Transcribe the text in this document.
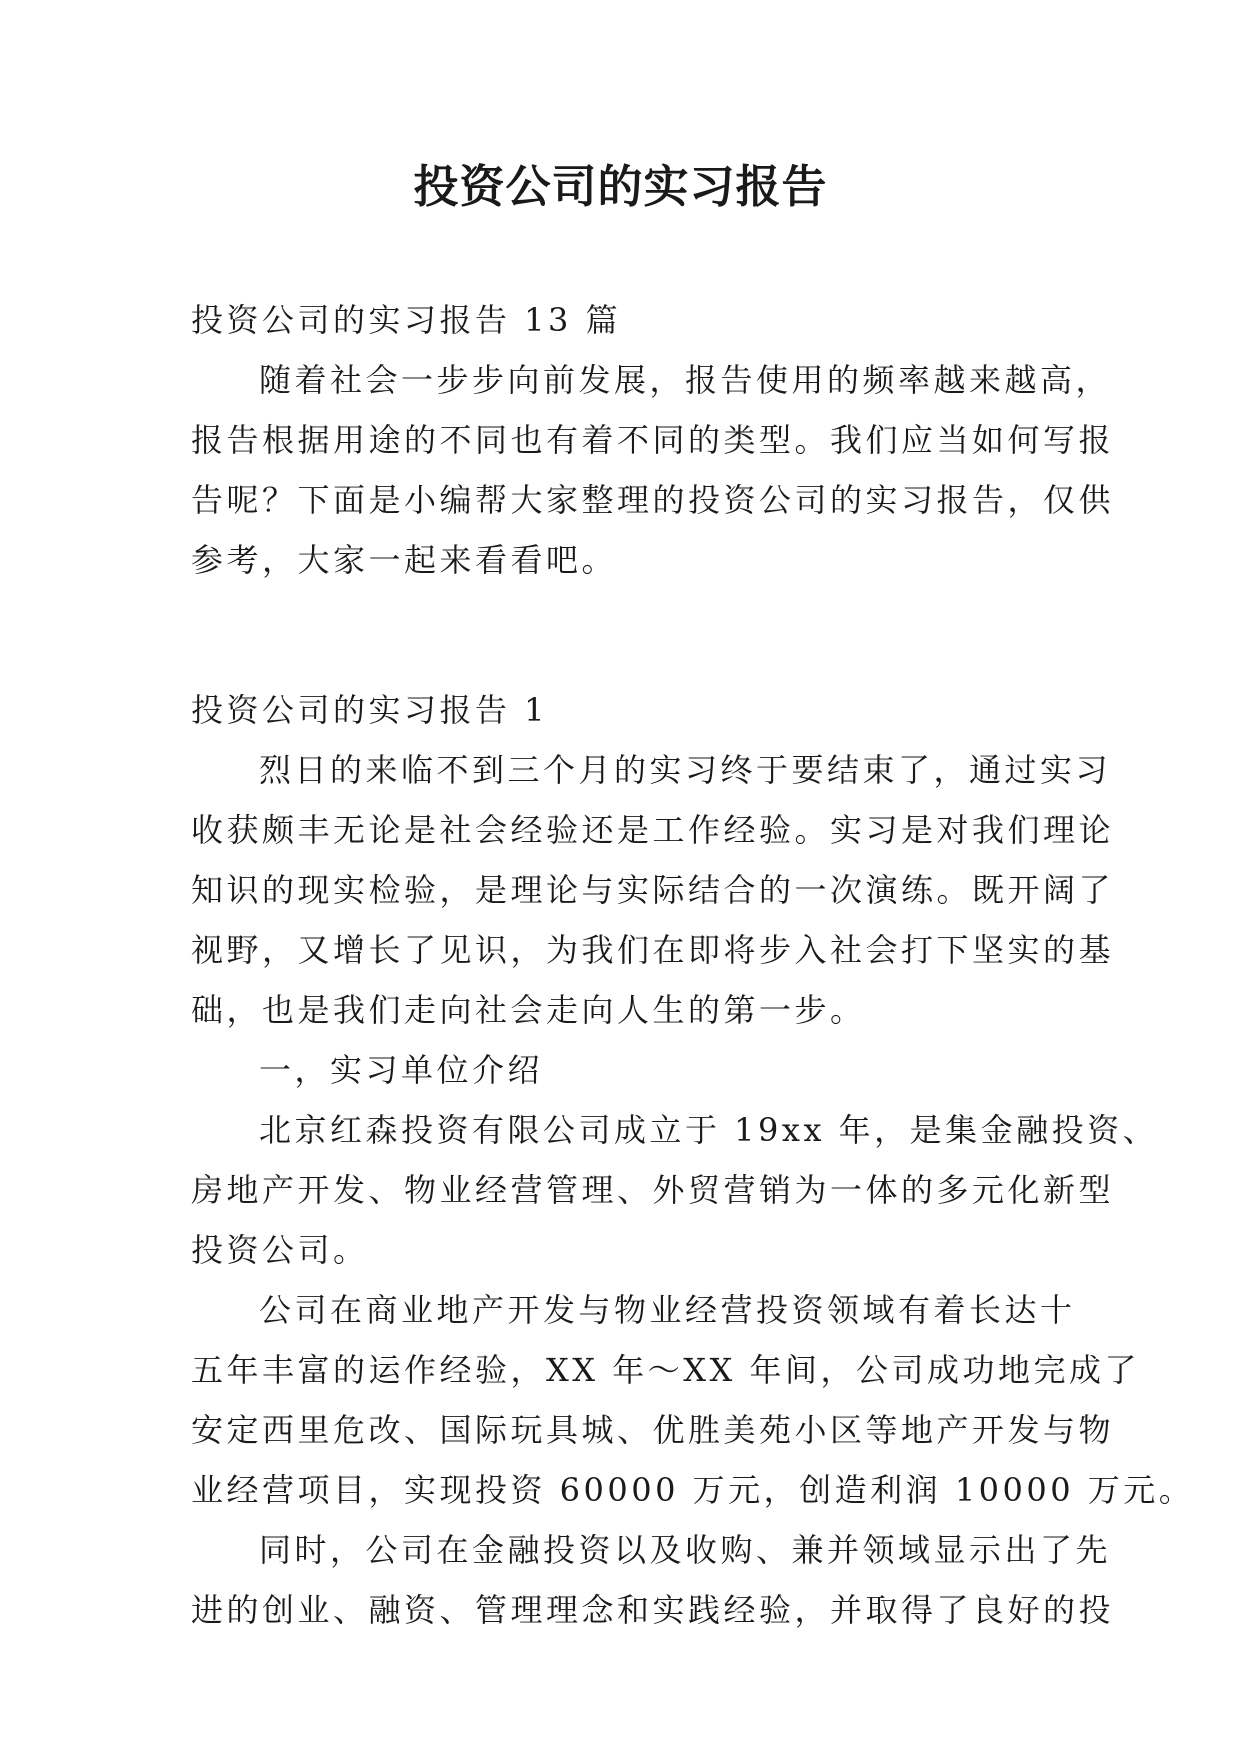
投资公司的实习报告
投资公司的实习报告 13 篇
随着社会一步步向前发展，报告使用的频率越来越高，
报告根据用途的不同也有着不同的类型。我们应当如何写报
告呢？下面是小编帮大家整理的投资公司的实习报告，仅供
参考，大家一起来看看吧。
投资公司的实习报告 1
烈日的来临不到三个月的实习终于要结束了，通过实习
收获颇丰无论是社会经验还是工作经验。实习是对我们理论
知识的现实检验，是理论与实际结合的一次演练。既开阔了
视野，又增长了见识，为我们在即将步入社会打下坚实的基
础，也是我们走向社会走向人生的第一步。
一，实习单位介绍
北京红森投资有限公司成立于 19xx 年，是集金融投资、
房地产开发、物业经营管理、外贸营销为一体的多元化新型
投资公司。
公司在商业地产开发与物业经营投资领域有着长达十
五年丰富的运作经验，XX 年～XX 年间，公司成功地完成了
安定西里危改、国际玩具城、优胜美苑小区等地产开发与物
业经营项目，实现投资 60000 万元，创造利润 10000 万元。
同时，公司在金融投资以及收购、兼并领域显示出了先
进的创业、融资、管理理念和实践经验，并取得了良好的投
